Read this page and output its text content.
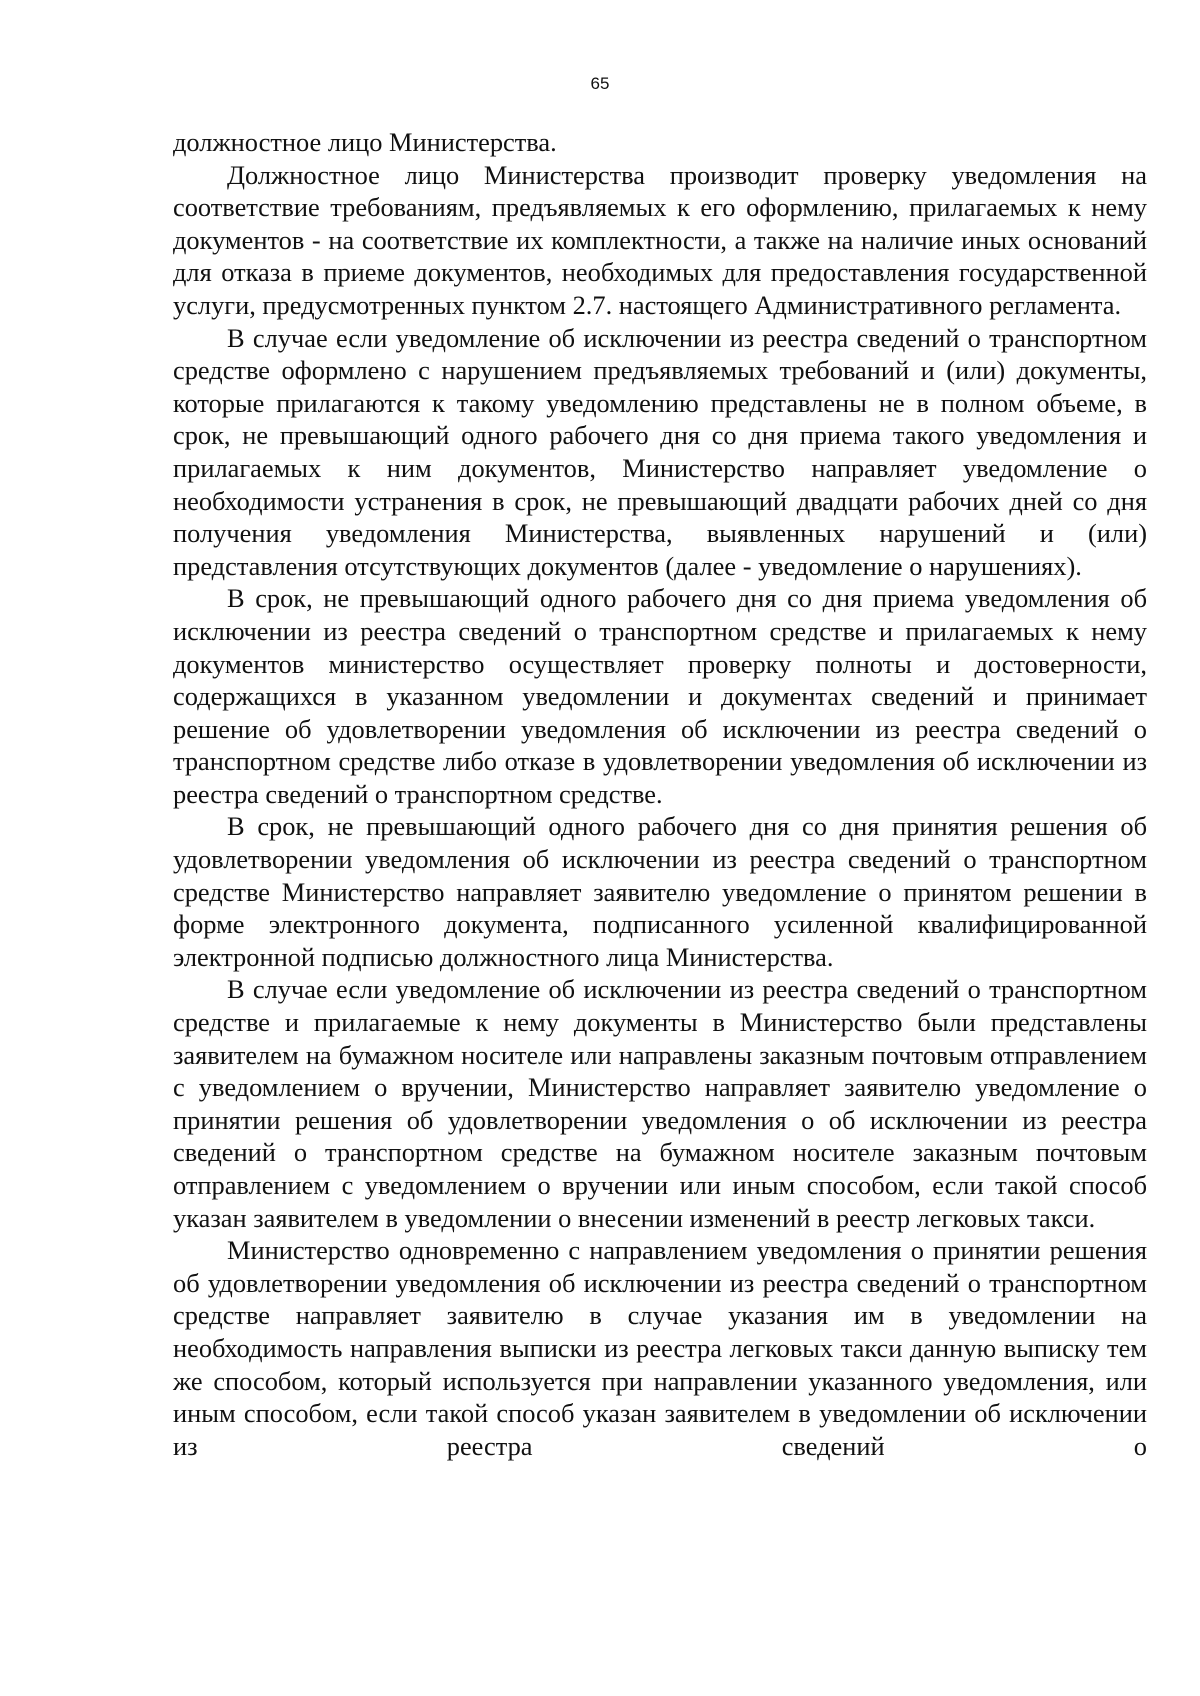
65

должностное лицо Министерства.

Должностное лицо Министерства производит проверку уведомления на соответствие требованиям, предъявляемых к его оформлению, прилагаемых к нему документов - на соответствие их комплектности, а также на наличие иных оснований для отказа в приеме документов, необходимых для предоставления государственной услуги, предусмотренных пунктом 2.7. настоящего Административного регламента.

В случае если уведомление об исключении из реестра сведений о транспортном средстве оформлено с нарушением предъявляемых требований и (или) документы, которые прилагаются к такому уведомлению представлены не в полном объеме, в срок, не превышающий одного рабочего дня со дня приема такого уведомления и прилагаемых к ним документов, Министерство направляет уведомление о необходимости устранения в срок, не превышающий двадцати рабочих дней со дня получения уведомления Министерства, выявленных нарушений и (или) представления отсутствующих документов (далее - уведомление о нарушениях).

В срок, не превышающий одного рабочего дня со дня приема уведомления об исключении из реестра сведений о транспортном средстве и прилагаемых к нему документов министерство осуществляет проверку полноты и достоверности, содержащихся в указанном уведомлении и документах сведений и принимает решение об удовлетворении уведомления об исключении из реестра сведений о транспортном средстве либо отказе в удовлетворении уведомления об исключении из реестра сведений о транспортном средстве.

В срок, не превышающий одного рабочего дня со дня принятия решения об удовлетворении уведомления об исключении из реестра сведений о транспортном средстве Министерство направляет заявителю уведомление о принятом решении в форме электронного документа, подписанного усиленной квалифицированной электронной подписью должностного лица Министерства.

В случае если уведомление об исключении из реестра сведений о транспортном средстве и прилагаемые к нему документы в Министерство были представлены заявителем на бумажном носителе или направлены заказным почтовым отправлением с уведомлением о вручении, Министерство направляет заявителю уведомление о принятии решения об удовлетворении уведомления о об исключении из реестра сведений о транспортном средстве на бумажном носителе заказным почтовым отправлением с уведомлением о вручении или иным способом, если такой способ указан заявителем в уведомлении о внесении изменений в реестр легковых такси.

Министерство одновременно с направлением уведомления о принятии решения об удовлетворении уведомления об исключении из реестра сведений о транспортном средстве направляет заявителю в случае указания им в уведомлении на необходимость направления выписки из реестра легковых такси данную выписку тем же способом, который используется при направлении указанного уведомления, или иным способом, если такой способ указан заявителем в уведомлении об исключении из реестра сведений о
